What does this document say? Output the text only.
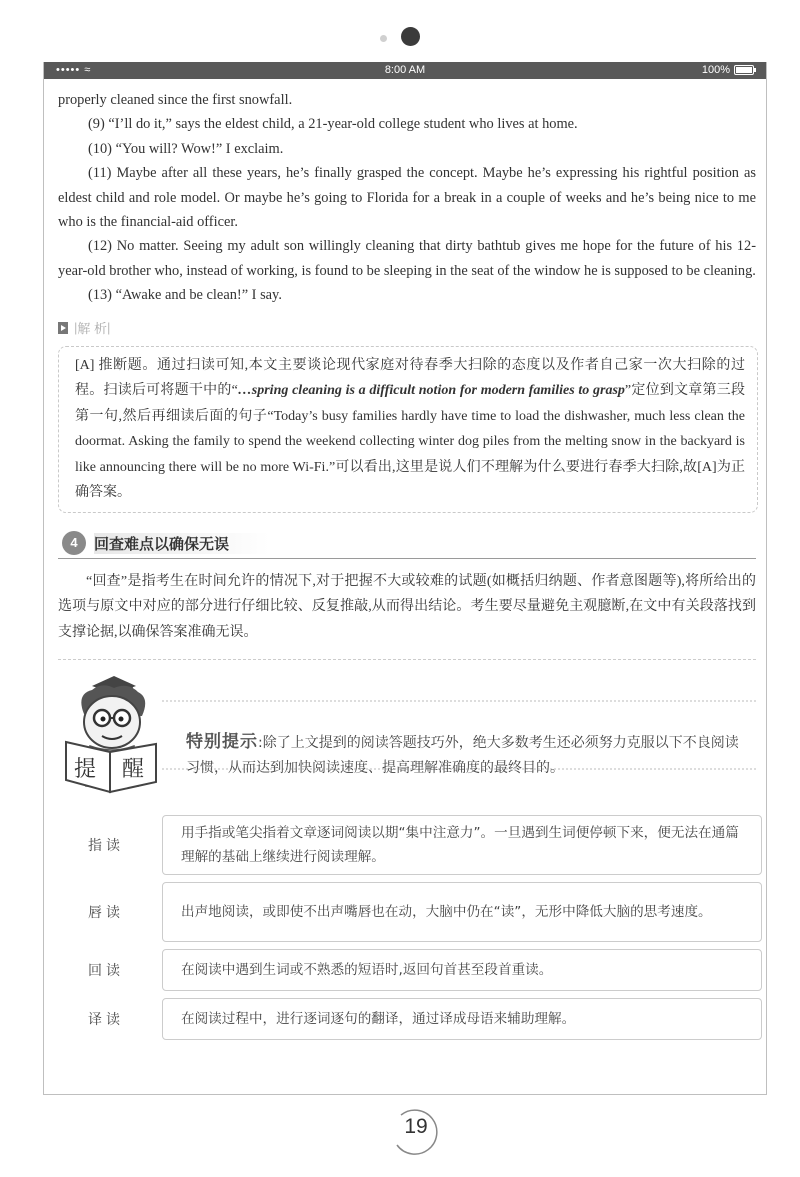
••••• ≈	8:00 AM	100%

properly cleaned since the first snowfall.

(9) “I’ll do it,” says the eldest child, a 21-year-old college student who lives at home.

(10) “You will? Wow!” I exclaim.

(11) Maybe after all these years, he’s finally grasped the concept. Maybe he’s expressing his rightful position as eldest child and role model. Or maybe he’s going to Florida for a break in a couple of weeks and he’s being nice to me who is the financial-aid officer.

(12) No matter. Seeing my adult son willingly cleaning that dirty bathtub gives me hope for the future of his 12-year-old brother who, instead of working, is found to be sleeping in the seat of the window he is supposed to be cleaning.

(13) “Awake and be clean!” I say.

| 解 析 |

[A] 推断题。通过扫读可知,本文主要谈论现代家庭对待春季大扫除的态度以及作者自己家一次大扫除的过程。扫读后可将题干中的“…spring cleaning is a difficult notion for modern families to grasp”定位到文章第三段第一句,然后再细读后面的句子“Today’s busy families hardly have time to load the dishwasher, much less clean the doormat. Asking the family to spend the weekend collecting winter dog piles from the melting snow in the backyard is like announcing there will be no more Wi-Fi.”可以看出,这里是说人们不理解为什么要进行春季大扫除,故[A]为正确答案。

4	回查难点以确保无误

“回查”是指考生在时间允许的情况下,对于把握不大或较难的试题(如概括归纳题、作者意图题等),将所给出的选项与原文中对应的部分进行仔细比较、反复推敲,从而得出结论。考生要尽量避免主观臆断,在文中有关段落找到支撑论据,以确保答案准确无误。

提 醒
特别提示:除了上文提到的阅读答题技巧外，绝大多数考生还必须努力克服以下不良阅读习惯，从而达到加快阅读速度、提高理解准确度的最终目的。
指读
用手指或笔尖指着文章逐词阅读以期“集中注意力”。一旦遇到生词便停顿下来，便无法在通篇理解的基础上继续进行阅读理解。
唇读	出声地阅读，或即使不出声嘴唇也在动，大脑中仍在“读”，无形中降低大脑的思考速度。
回读	在阅读中遇到生词或不熟悉的短语时,返回句首甚至段首重读。
译读	在阅读过程中，进行逐词逐句的翻译，通过译成母语来辅助理解。
19
